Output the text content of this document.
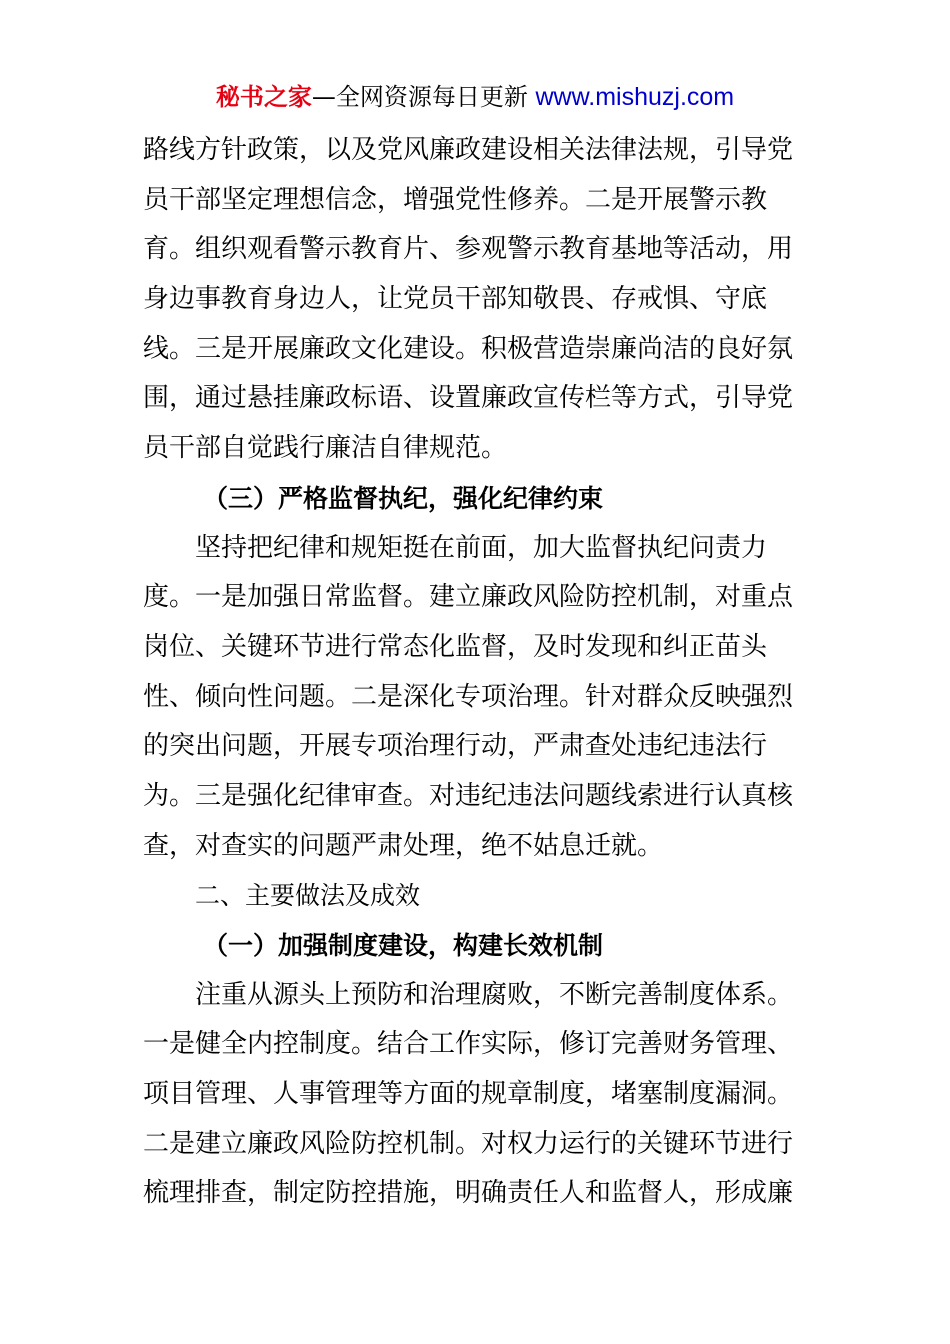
秘书之家—全网资源每日更新 www.mishuzj.com
路线方针政策，以及党风廉政建设相关法律法规，引导党
员干部坚定理想信念，增强党性修养。二是开展警示教
育。组织观看警示教育片、参观警示教育基地等活动，用
身边事教育身边人，让党员干部知敬畏、存戒惧、守底
线。三是开展廉政文化建设。积极营造崇廉尚洁的良好氛
围，通过悬挂廉政标语、设置廉政宣传栏等方式，引导党
员干部自觉践行廉洁自律规范。
（三）严格监督执纪，强化纪律约束
坚持把纪律和规矩挺在前面，加大监督执纪问责力
度。一是加强日常监督。建立廉政风险防控机制，对重点
岗位、关键环节进行常态化监督，及时发现和纠正苗头
性、倾向性问题。二是深化专项治理。针对群众反映强烈
的突出问题，开展专项治理行动，严肃查处违纪违法行
为。三是强化纪律审查。对违纪违法问题线索进行认真核
查，对查实的问题严肃处理，绝不姑息迁就。
二、主要做法及成效
（一）加强制度建设，构建长效机制
注重从源头上预防和治理腐败，不断完善制度体系。
一是健全内控制度。结合工作实际，修订完善财务管理、
项目管理、人事管理等方面的规章制度，堵塞制度漏洞。
二是建立廉政风险防控机制。对权力运行的关键环节进行
梳理排查，制定防控措施，明确责任人和监督人，形成廉
